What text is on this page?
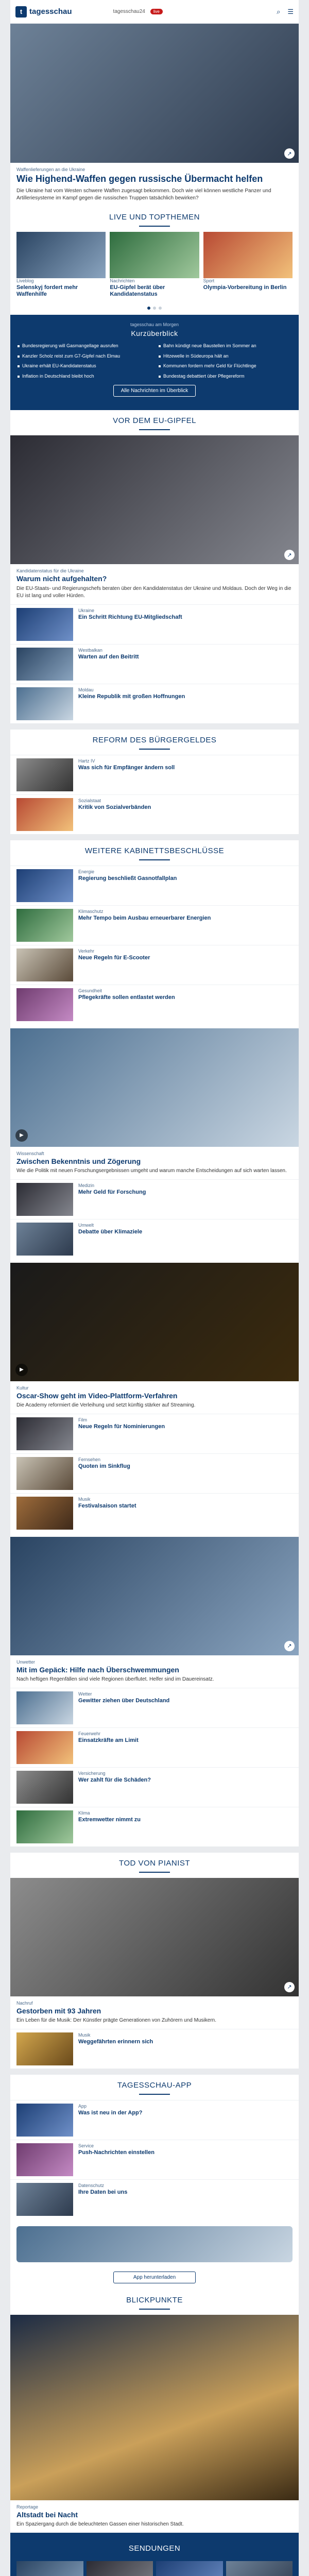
t tagesschau	tagesschau24	live	⌕ ☰
↗
Waffenlieferungen an die Ukraine
Wie Highend-Waffen gegen russische Übermacht helfen
Die Ukraine hat vom Westen schwere Waffen zugesagt bekommen. Doch wie viel können westliche Panzer und Artilleriesysteme im Kampf gegen die russischen Truppen tatsächlich bewirken?
LIVE UND TOPTHEMEN
Liveblog
Selenskyj fordert mehr Waffenhilfe
Nachrichten
EU-Gipfel berät über Kandidatenstatus
Sport
Olympia-Vorbereitung in Berlin
tagesschau am Morgen
Kurzüberblick
Bundesregierung will Gasmangellage ausrufen
Kanzler Scholz reist zum G7-Gipfel nach Elmau
Ukraine erhält EU-Kandidatenstatus
Inflation in Deutschland bleibt hoch
Bahn kündigt neue Baustellen im Sommer an
Hitzewelle in Südeuropa hält an
Kommunen fordern mehr Geld für Flüchtlinge
Bundestag debattiert über Pflegereform
Alle Nachrichten im Überblick
VOR DEM EU-GIPFEL
↗
Kandidatenstatus für die Ukraine
Warum nicht aufgehalten?
Die EU-Staats- und Regierungschefs beraten über den Kandidatenstatus der Ukraine und Moldaus. Doch der Weg in die EU ist lang und voller Hürden.
Ukraine
Ein Schritt Richtung EU-Mitgliedschaft
Westbalkan
Warten auf den Beitritt
Moldau
Kleine Republik mit großen Hoffnungen
REFORM DES BÜRGERGELDES
Hartz IV
Was sich für Empfänger ändern soll
Sozialstaat
Kritik von Sozialverbänden
WEITERE KABINETTSBESCHLÜSSE
Energie
Regierung beschließt Gasnotfallplan
Klimaschutz
Mehr Tempo beim Ausbau erneuerbarer Energien
Verkehr
Neue Regeln für E-Scooter
Gesundheit
Pflegekräfte sollen entlastet werden
▶
Wissenschaft
Zwischen Bekenntnis und Zögerung
Wie die Politik mit neuen Forschungsergebnissen umgeht und warum manche Entscheidungen auf sich warten lassen.
Medizin
Mehr Geld für Forschung
Umwelt
Debatte über Klimaziele
▶
Kultur
Oscar-Show geht im Video-Plattform-Verfahren
Die Academy reformiert die Verleihung und setzt künftig stärker auf Streaming.
Film
Neue Regeln für Nominierungen
Fernsehen
Quoten im Sinkflug
Musik
Festivalsaison startet
↗
Unwetter
Mit im Gepäck: Hilfe nach Überschwemmungen
Nach heftigen Regenfällen sind viele Regionen überflutet. Helfer sind im Dauereinsatz.
Wetter
Gewitter ziehen über Deutschland
Feuerwehr
Einsatzkräfte am Limit
Versicherung
Wer zahlt für die Schäden?
Klima
Extremwetter nimmt zu
TOD VON PIANIST
↗
Nachruf
Gestorben mit 93 Jahren
Ein Leben für die Musik: Der Künstler prägte Generationen von Zuhörern und Musikern.
Musik
Weggefährten erinnern sich
TAGESSCHAU-APP
App
Was ist neu in der App?
Service
Push-Nachrichten einstellen
Datenschutz
Ihre Daten bei uns
App herunterladen
BLICKPUNKTE
Reportage
Altstadt bei Nacht
Ein Spaziergang durch die beleuchteten Gassen einer historischen Stadt.
SENDUNGEN
